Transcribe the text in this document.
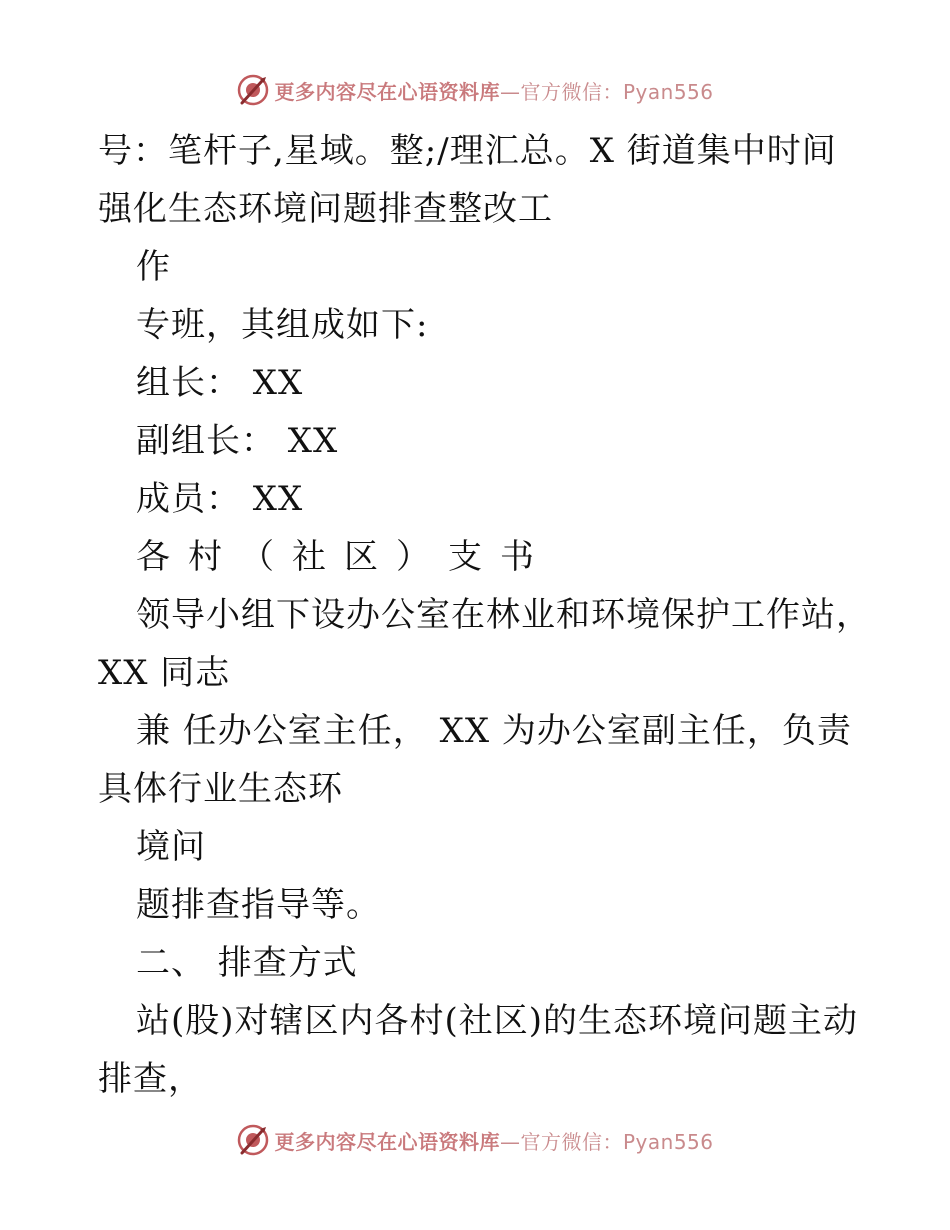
更多内容尽在心语资料库—官方微信：Pyan556
号：笔杆子,星域。整;/理汇总。X 街道集中时间
强化生态环境问题排查整改工
作
专班，其组成如下:
组长： XX
副组长： XX
成员： XX
各村（社区）支书
领导小组下设办公室在林业和环境保护工作站，
XX 同志
兼 任办公室主任， XX 为办公室副主任，负责
具体行业生态环
境问
题排查指导等。
二、 排查方式
站(股)对辖区内各村(社区)的生态环境问题主动
排查，
更多内容尽在心语资料库—官方微信：Pyan556
